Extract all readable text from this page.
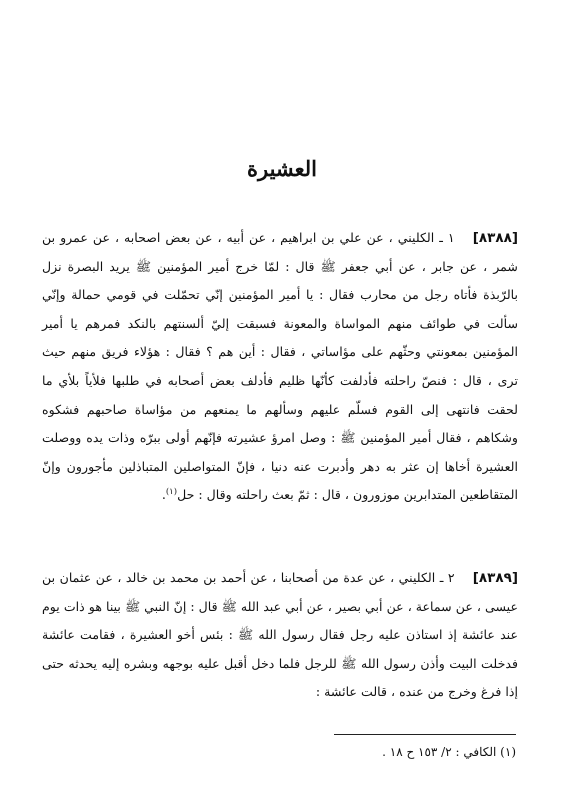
العشيرة
[٨٣٨٨]١ ـ الكليني ، عن علي بن ابراهيم ، عن أبيه ، عن بعض اصحابه ، عن عمرو بن شمر ، عن جابر ، عن أبي جعفر ﷺ قال : لمّا خرج أمير المؤمنين ﷺ يريد البصرة نزل بالرّبذة فأتاه رجل من محارب فقال : يا أمير المؤمنين إنّي تحمّلت في قومي حمالة وإنّي سألت في طوائف منهم المواساة والمعونة فسبقت إليّ ألسنتهم بالنكد فمرهم يا أمير المؤمنين بمعونتي وحثّهم على مؤاساتي ، فقال : أين هم ؟ فقال : هؤلاء فريق منهم حيث ترى ، قال : فنصّ راحلته فأدلفت كأنّها ظليم فأدلف بعض أصحابه في طلبها فلأياً بلأي ما لحقت فانتهى إلى القوم فسلّم عليهم وسألهم ما يمنعهم من مؤاساة صاحبهم فشكوه وشكاهم ، فقال أمير المؤمنين ﷺ : وصل امرؤ عشيرته فإنّهم أولى ببرّه وذات يده ووصلت العشيرة أخاها إن عثر به دهر وأدبرت عنه دنيا ، فإنّ المتواصلين المتباذلين مأجورون وإنّ المتقاطعين المتدابرين موزورون ، قال : ثمّ بعث راحلته وقال : حل$^{(١)}$.
[٨٣٨٩]٢ ـ الكليني ، عن عدة من أصحابنا ، عن أحمد بن محمد بن خالد ، عن عثمان بن عيسى ، عن سماعة ، عن أبي بصير ، عن أبي عبد الله ﷺ قال : إنّ النبي ﷺ بينا هو ذات يوم عند عائشة إذ استاذن عليه رجل فقال رسول الله ﷺ : بئس أخو العشيرة ، فقامت عائشة فدخلت البيت وأذن رسول الله ﷺ للرجل فلما دخل أقبل عليه بوجهه وبشره إليه يحدثه حتى إذا فرغ وخرج من عنده ، قالت عائشة :
(١) الكافي : ٢/ ١٥٣ ح ١٨ .
